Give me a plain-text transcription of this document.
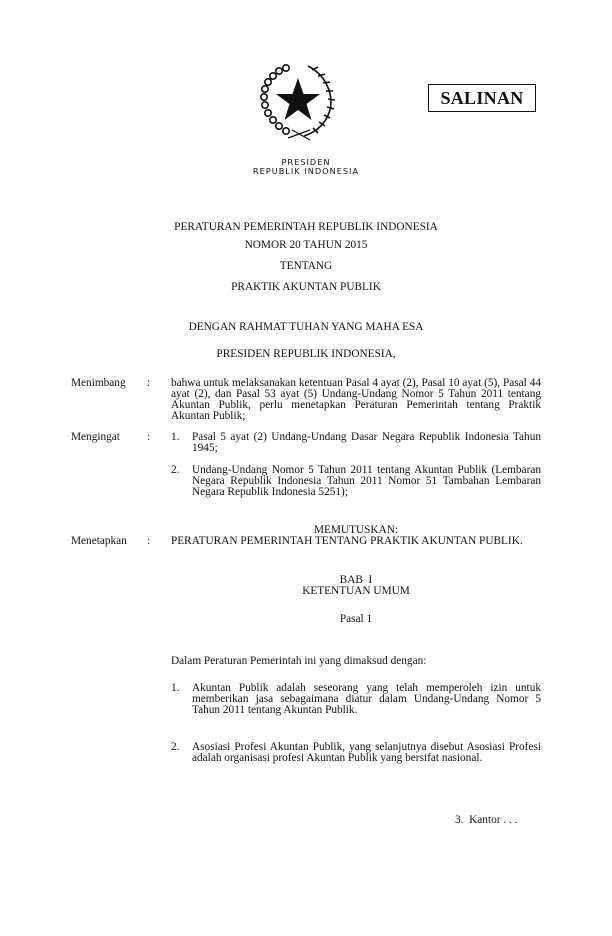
SALINAN
PRESIDEN
REPUBLIK INDONESIA
PERATURAN PEMERINTAH REPUBLIK INDONESIA
NOMOR 20 TAHUN 2015
TENTANG
PRAKTIK AKUNTAN PUBLIK
DENGAN RAHMAT TUHAN YANG MAHA ESA
PRESIDEN REPUBLIK INDONESIA,
Menimbang : bahwa untuk melaksanakan ketentuan Pasal 4 ayat (2), Pasal 10 ayat (5), Pasal 44 ayat (2), dan Pasal 53 ayat (5) Undang-Undang Nomor 5 Tahun 2011 tentang Akuntan Publik, perlu menetapkan Peraturan Pemerintah tentang Praktik Akuntan Publik;
Mengingat : 1. Pasal 5 ayat (2) Undang-Undang Dasar Negara Republik Indonesia Tahun 1945;
2. Undang-Undang Nomor 5 Tahun 2011 tentang Akuntan Publik (Lembaran Negara Republik Indonesia Tahun 2011 Nomor 51 Tambahan Lembaran Negara Republik Indonesia 5251);
MEMUTUSKAN:
Menetapkan : PERATURAN PEMERINTAH TENTANG PRAKTIK AKUNTAN PUBLIK.
BAB  I
KETENTUAN UMUM
Pasal 1
Dalam Peraturan Pemerintah ini yang dimaksud dengan:
1. Akuntan Publik adalah seseorang yang telah memperoleh izin untuk memberikan jasa sebagaimana diatur dalam Undang-Undang Nomor 5 Tahun 2011 tentang Akuntan Publik.
2. Asosiasi Profesi Akuntan Publik, yang selanjutnya disebut Asosiasi Profesi adalah organisasi profesi Akuntan Publik yang bersifat nasional.
3.  Kantor . . .
